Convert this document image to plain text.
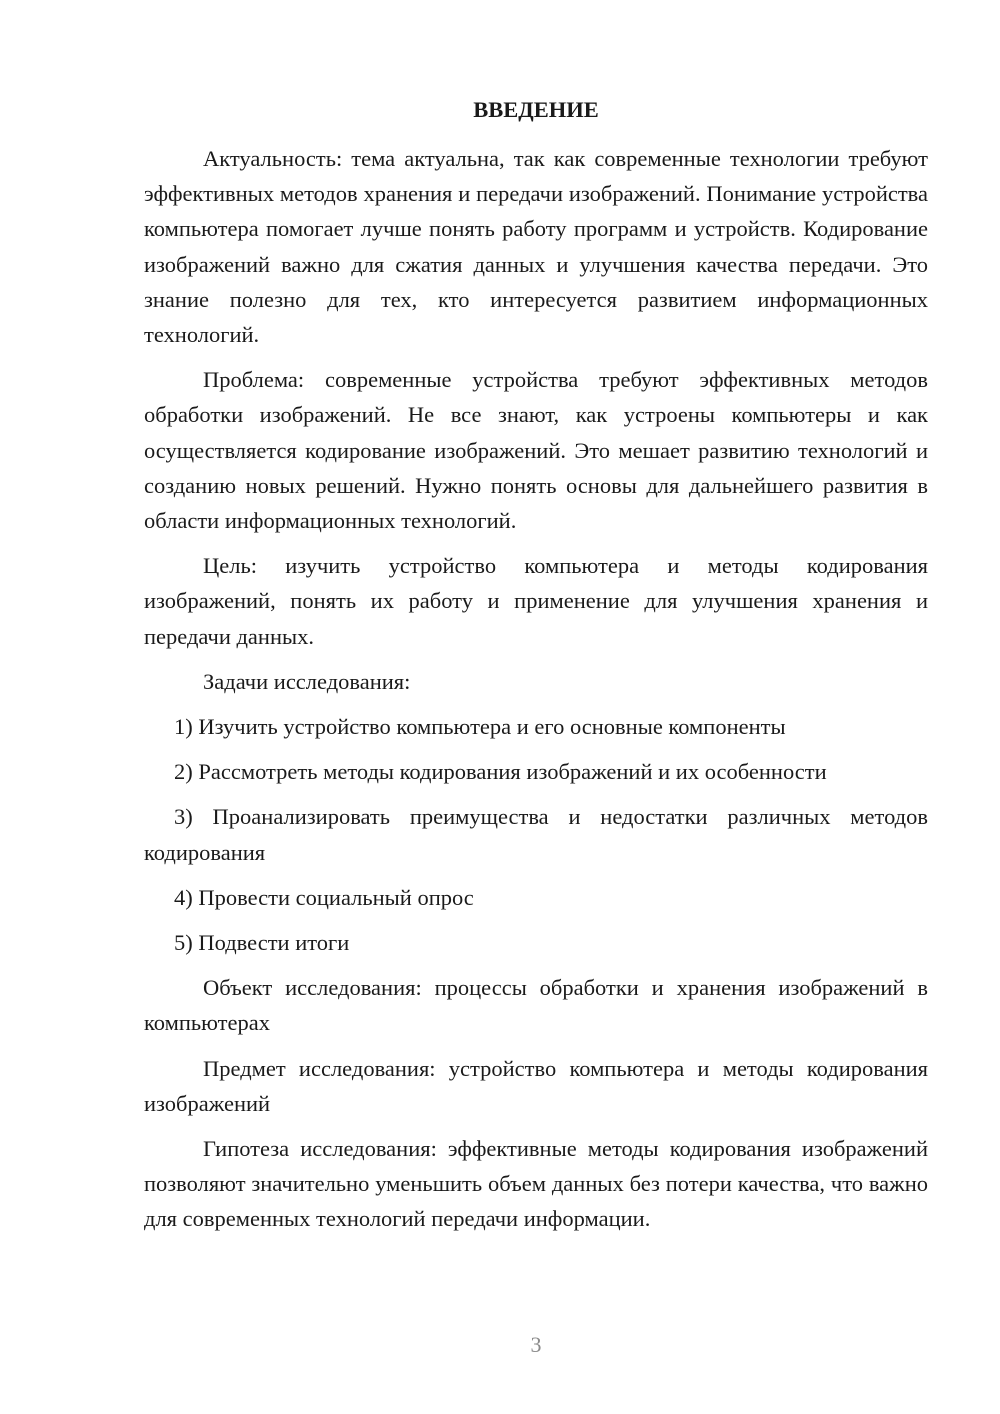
ВВЕДЕНИЕ

Актуальность: тема актуальна, так как современные технологии требуют эффективных методов хранения и передачи изображений. Понимание устройства компьютера помогает лучше понять работу программ и устройств. Кодирование изображений важно для сжатия данных и улучшения качества передачи. Это знание полезно для тех, кто интересуется развитием информационных технологий.

Проблема: современные устройства требуют эффективных методов обработки изображений. Не все знают, как устроены компьютеры и как осуществляется кодирование изображений. Это мешает развитию технологий и созданию новых решений. Нужно понять основы для дальнейшего развития в области информационных технологий.

Цель: изучить устройство компьютера и методы кодирования изображений, понять их работу и применение для улучшения хранения и передачи данных.

Задачи исследования:

1) Изучить устройство компьютера и его основные компоненты

2) Рассмотреть методы кодирования изображений и их особенности

3) Проанализировать преимущества и недостатки различных методов кодирования

4) Провести социальный опрос

5) Подвести итоги

Объект исследования: процессы обработки и хранения изображений в компьютерах

Предмет исследования: устройство компьютера и методы кодирования изображений

Гипотеза исследования: эффективные методы кодирования изображений позволяют значительно уменьшить объем данных без потери качества, что важно для современных технологий передачи информации.

3
